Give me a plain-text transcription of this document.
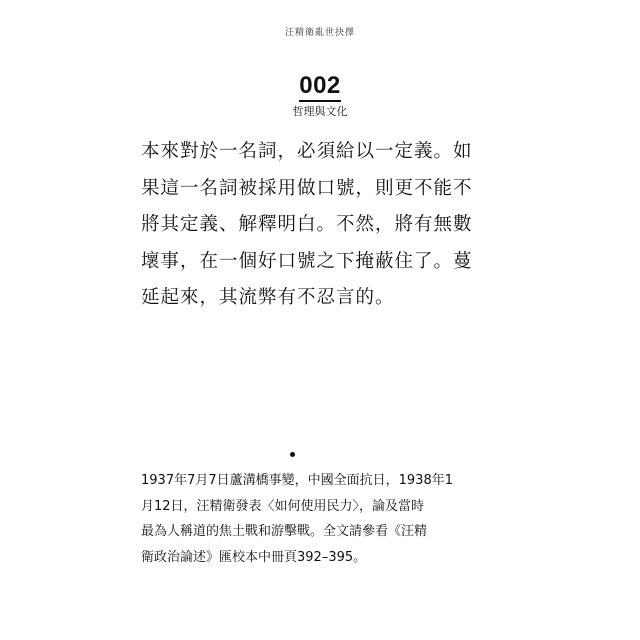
汪精衛亂世抉擇
002
哲理與文化
本來對於一名詞，必須給以一定義。如
果這一名詞被採用做口號，則更不能不
將其定義、解釋明白。不然，將有無數
壞事，在一個好口號之下掩蔽住了。蔓
延起來，其流弊有不忍言的。
1937年7月7日蘆溝橋事變，中國全面抗日，1938年1
月12日，汪精衛發表〈如何使用民力〉，論及當時
最為人稱道的焦土戰和游擊戰。全文請參看《汪精
衛政治論述》匯校本中冊頁392–395。
